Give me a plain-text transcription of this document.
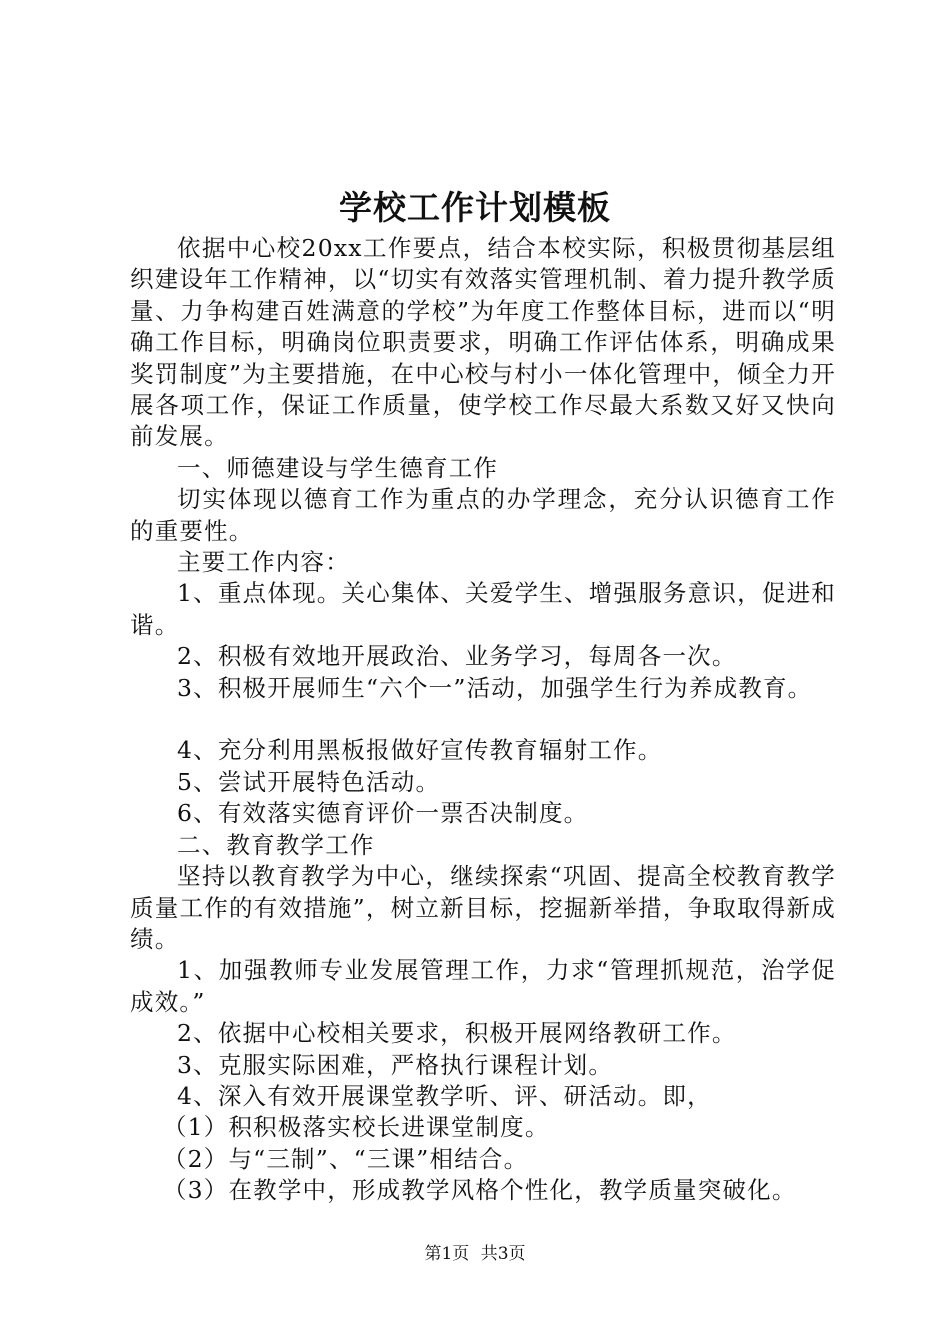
学校工作计划模板

依据中心校20xx工作要点，结合本校实际，积极贯彻基层组织建设年工作精神，以“切实有效落实管理机制、着力提升教学质量、力争构建百姓满意的学校”为年度工作整体目标，进而以“明确工作目标，明确岗位职责要求，明确工作评估体系，明确成果奖罚制度”为主要措施，在中心校与村小一体化管理中，倾全力开展各项工作，保证工作质量，使学校工作尽最大系数又好又快向前发展。

一、师德建设与学生德育工作

切实体现以德育工作为重点的办学理念，充分认识德育工作的重要性。

主要工作内容：

1、重点体现。关心集体、关爱学生、增强服务意识，促进和谐。

2、积极有效地开展政治、业务学习，每周各一次。

3、积极开展师生“六个一”活动，加强学生行为养成教育。

4、充分利用黑板报做好宣传教育辐射工作。

5、尝试开展特色活动。

6、有效落实德育评价一票否决制度。

二、教育教学工作

坚持以教育教学为中心，继续探索“巩固、提高全校教育教学质量工作的有效措施”，树立新目标，挖掘新举措，争取取得新成绩。

1、加强教师专业发展管理工作，力求“管理抓规范，治学促成效。”

2、依据中心校相关要求，积极开展网络教研工作。

3、克服实际困难，严格执行课程计划。

4、深入有效开展课堂教学听、评、研活动。即，

（1）积积极落实校长进课堂制度。

（2）与“三制”、“三课”相结合。

（3）在教学中，形成教学风格个性化，教学质量突破化。

第1页 共3页
